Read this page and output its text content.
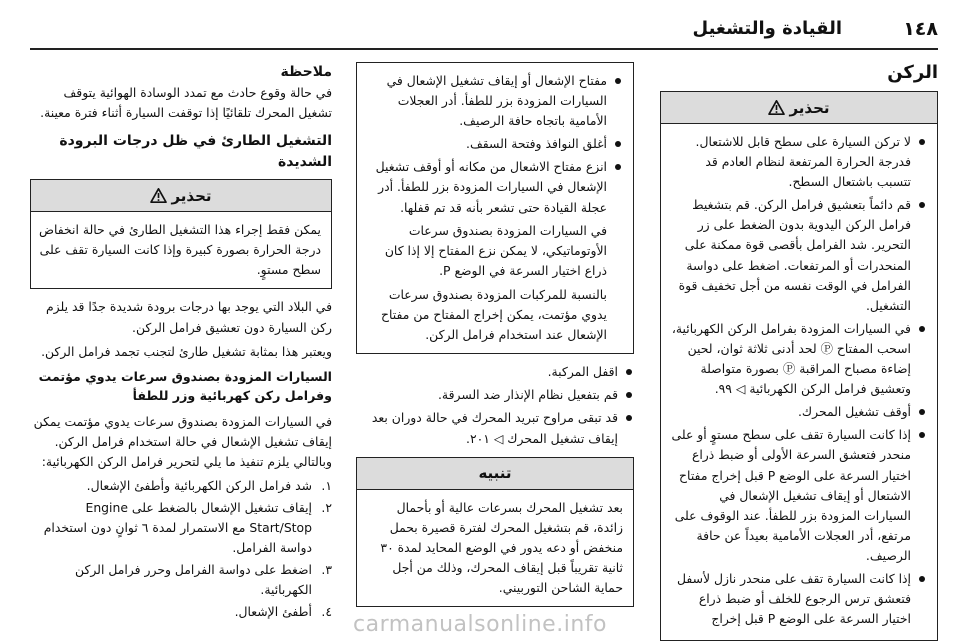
١٤٨
القيادة والتشغيل
الركن
تحذير
لا تركن السيارة على سطح قابل للاشتعال. فدرجة الحرارة المرتفعة لنظام العادم قد تتسبب باشتعال السطح.
قم دائماً بتعشيق فرامل الركن. قم بتشغيط فرامل الركن اليدوية بدون الضغط على زر التحرير. شد الفرامل بأقصى قوة ممكنة على المنحدرات أو المرتفعات. اضغط على دواسة الفرامل في الوقت نفسه من أجل تخفيف قوة التشغيل.
في السيارات المزودة بفرامل الركن الكهربائية، اسحب المفتاح Ⓟ لحد أدنى ثلاثة ثوان، لحين إضاءة مصباح المراقبة Ⓟ بصورة متواصلة وتعشيق فرامل الركن الكهربائية ◁ ٩٩.
أوقف تشغيل المحرك.
إذا كانت السيارة تقف على سطح مستوٍ أو على منحدر فتعشق السرعة الأولى أو ضبط ذراع اختيار السرعة على الوضع P قبل إخراج مفتاح الاشتعال أو إيقاف تشغيل الإشعال في السيارات المزودة بزر للطفأ. عند الوقوف على مرتفع، أدر العجلات الأمامية بعيداً عن حافة الرصيف.
إذا كانت السيارة تقف على منحدر نازل لأسفل فتعشق ترس الرجوع للخلف أو ضبط ذراع اختيار السرعة على الوضع P قبل إخراج
مفتاح الإشعال أو إيقاف تشغيل الإشعال في السيارات المزودة بزر للطفأ. أدر العجلات الأمامية باتجاه حافة الرصيف.
أغلق النوافذ وفتحة السقف.
انزع مفتاح الاشعال من مكانه أو أوقف تشغيل الإشعال في السيارات المزودة بزر للطفأ. أدر عجلة القيادة حتى تشعر بأنه قد تم قفلها.

في السيارات المزودة بصندوق سرعات الأوتوماتيكي، لا يمكن نزع المفتاح إلا إذا كان ذراع اختيار السرعة في الوضع P.

بالنسبة للمركبات المزودة بصندوق سرعات يدوي مؤتمت، يمكن إخراج المفتاح من مفتاح الإشعال عند استخدام فرامل الركن.

اقفل المركبة.
قم بتفعيل نظام الإنذار ضد السرقة.
قد تبقى مراوح تبريد المحرك في حالة دوران بعد إيقاف تشغيل المحرك ◁ ٢٠١.
تنبيه

بعد تشغيل المحرك بسرعات عالية أو بأحمال زائدة، قم بتشغيل المحرك لفترة قصيرة بحمل منخفض أو دعه يدور في الوضع المحايد لمدة ٣٠ ثانية تقريباً قبل إيقاف المحرك، وذلك من أجل حماية الشاحن التوربيني.

ملاحظة

في حالة وقوع حادث مع تمدد الوسادة الهوائية يتوقف تشغيل المحرك تلقائيًا إذا توقفت السيارة أثناء فترة معينة.

التشغيل الطارئ في ظل درجات البرودة الشديدة
تحذير

يمكن فقط إجراء هذا التشغيل الطارئ في حالة انخفاض درجة الحرارة بصورة كبيرة وإذا كانت السيارة تقف على سطح مستوٍ.

في البلاد التي يوجد بها درجات برودة شديدة جدًا قد يلزم ركن السيارة دون تعشيق فرامل الركن.

ويعتبر هذا بمثابة تشغيل طارئ لتجنب تجمد فرامل الركن.

السيارات المزودة بصندوق سرعات يدوي مؤتمت وفرامل ركن كهربائية وزر للطفأ

في السيارات المزودة بصندوق سرعات يدوي مؤتمت يمكن إيقاف تشغيل الإشعال في حالة استخدام فرامل الركن. وبالتالي يلزم تنفيذ ما يلي لتحرير فرامل الركن الكهربائية:

١.
شد فرامل الركن الكهربائية وأطفئ الإشعال.
٢.
إيقاف تشغيل الإشعال بالضغط على Engine Start/Stop مع الاستمرار لمدة ٦ ثوانٍ دون استخدام دواسة الفرامل.
٣.
اضغط على دواسة الفرامل وحرر فرامل الركن الكهربائية.
٤.
أطفئ الإشعال.
carmanualsonline.info
